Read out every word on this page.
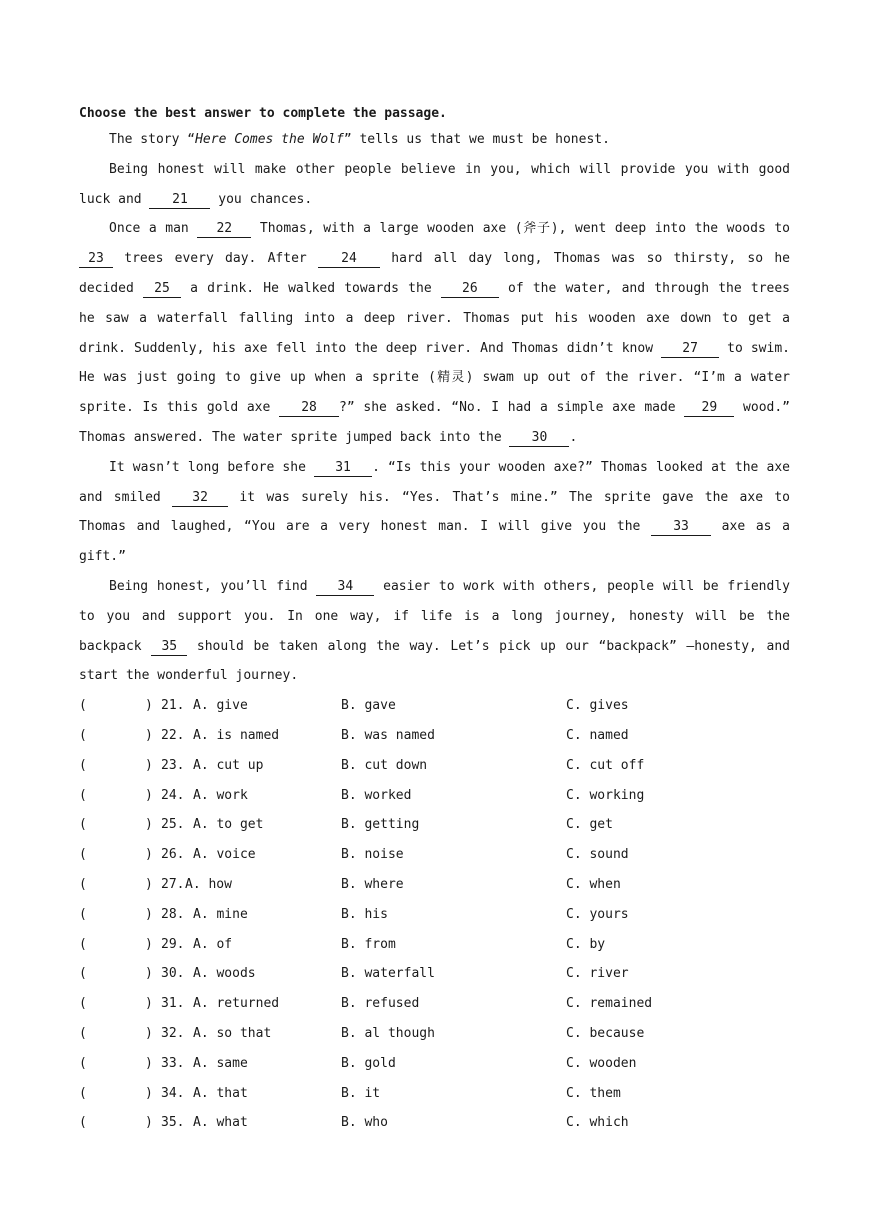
Choose the best answer to complete the passage.

The story “Here Comes the Wolf” tells us that we must be honest.

Being honest will make other people believe in you, which will provide you with good luck and 21 you chances.

Once a man 22 Thomas, with a large wooden axe (斧子), went deep into the woods to 23 trees every day. After 24 hard all day long, Thomas was so thirsty, so he decided 25 a drink. He walked towards the 26 of the water, and through the trees he saw a waterfall falling into a deep river. Thomas put his wooden axe down to get a drink. Suddenly, his axe fell into the deep river. And Thomas didn’t know 27 to swim. He was just going to give up when a sprite (精灵) swam up out of the river. “I’m a water sprite. Is this gold axe 28 ?” she asked. “No. I had a simple axe made 29 wood.” Thomas answered. The water sprite jumped back into the 30 .

It wasn’t long before she 31 . “Is this your wooden axe?” Thomas looked at the axe and smiled 32 it was surely his. “Yes. That’s mine.” The sprite gave the axe to Thomas and laughed, “You are a very honest man. I will give you the 33 axe as a gift.”

Being honest, you’ll find 34 easier to work with others, people will be friendly to you and support you. In one way, if life is a long journey, honesty will be the backpack 35 should be taken along the way. Let’s pick up our “backpack” —honesty, and start the wonderful journey.

(	) 21. A. give	B. gave	C. gives
(	) 22. A. is named	B. was named	C. named
(	) 23. A. cut up	B. cut down	C. cut off
(	) 24. A. work	B. worked	C. working
(	) 25. A. to get	B. getting	C. get
(	) 26. A. voice	B. noise	C. sound
(	) 27. A. how	B. where	C. when
(	) 28. A. mine	B. his	C. yours
(	) 29. A. of	B. from	C. by
(	) 30. A. woods	B. waterfall	C. river
(	) 31. A. returned	B. refused	C. remained
(	) 32. A. so that	B. al though	C. because
(	) 33. A. same	B. gold	C. wooden
(	) 34. A. that	B. it	C. them
(	) 35. A. what	B. who	C. which
